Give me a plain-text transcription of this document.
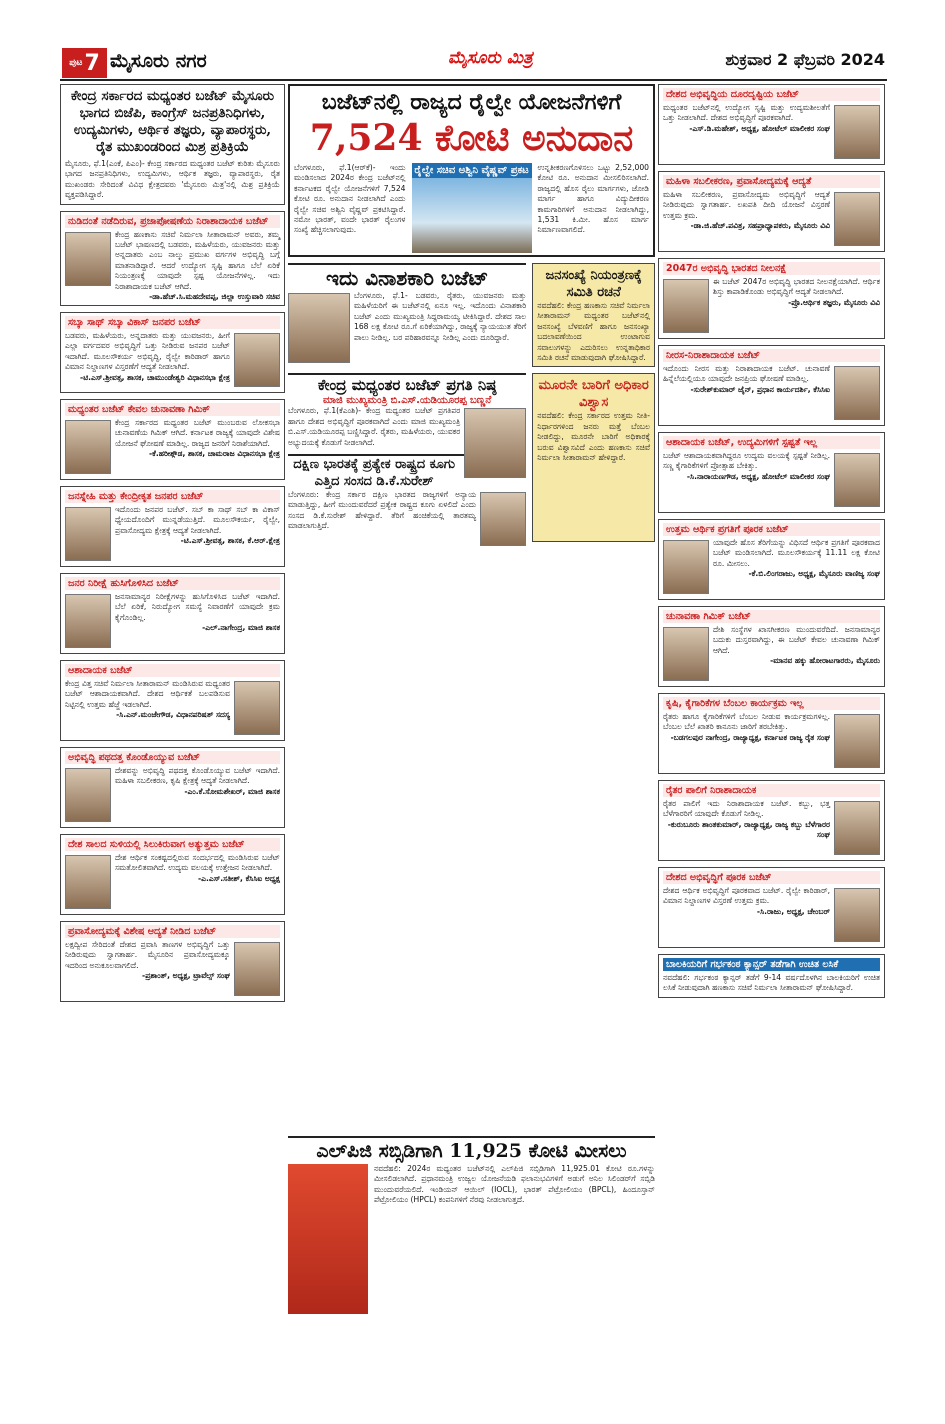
ಪುಟ 7 ಮೈಸೂರು ನಗರ	ಮೈಸೂರು ಮಿತ್ರ	ಶುಕ್ರವಾರ 2 ಫೆಬ್ರವರಿ 2024
ಕೇಂದ್ರ ಸರ್ಕಾರದ ಮಧ್ಯಂತರ ಬಜೆಟ್ ಮೈಸೂರು ಭಾಗದ ಬಿಜೆಪಿ, ಕಾಂಗ್ರೆಸ್ ಜನಪ್ರತಿನಿಧಿಗಳು, ಉದ್ಯಮಿಗಳು, ಆರ್ಥಿಕ ತಜ್ಞರು, ವ್ಯಾಪಾರಸ್ಥರು, ರೈತ ಮುಖಂಡರಿಂದ ಮಿಶ್ರ ಪ್ರತಿಕ್ರಿಯೆ
ಮೈಸೂರು, ಫೆ.1(ಎಂಕೆ, ಪಿಎಂ)- ಕೇಂದ್ರ ಸರ್ಕಾರದ ಮಧ್ಯಂತರ ಬಜೆಟ್ ಕುರಿತು ಮೈಸೂರು ಭಾಗದ ಜನಪ್ರತಿನಿಧಿಗಳು, ಉದ್ಯಮಿಗಳು, ಆರ್ಥಿಕ ತಜ್ಞರು, ವ್ಯಾಪಾರಸ್ಥರು, ರೈತ ಮುಖಂಡರು ಸೇರಿದಂತೆ ವಿವಿಧ ಕ್ಷೇತ್ರದವರು 'ಮೈಸೂರು ಮಿತ್ರ'ನಲ್ಲಿ ಮಿಶ್ರ ಪ್ರತಿಕ್ರಿಯೆ ವ್ಯಕ್ತಪಡಿಸಿದ್ದಾರೆ.
ನುಡಿದಂತೆ ನಡೆದಿರುವ, ಪ್ರಜಾಪೋಷಣೆಯ ನಿರಾಶಾದಾಯಕ ಬಜೆಟ್
ಕೇಂದ್ರ ಹಣಕಾಸು ಸಚಿವೆ ನಿರ್ಮಲಾ ಸೀತಾರಾಮನ್ ಅವರು, ತಮ್ಮ ಬಜೆಟ್ ಭಾಷಣದಲ್ಲಿ ಬಡವರು, ಮಹಿಳೆಯರು, ಯುವಜನರು ಮತ್ತು ಅನ್ನದಾತರು ಎಂಬ ನಾಲ್ಕು ಪ್ರಮುಖ ವರ್ಗಗಳ ಅಭಿವೃದ್ಧಿ ಬಗ್ಗೆ ಮಾತನಾಡಿದ್ದಾರೆ. ಆದರೆ ಉದ್ಯೋಗ ಸೃಷ್ಟಿ ಹಾಗೂ ಬೆಲೆ ಏರಿಕೆ ನಿಯಂತ್ರಣಕ್ಕೆ ಯಾವುದೇ ಸ್ಪಷ್ಟ ಯೋಜನೆಗಳಿಲ್ಲ. ಇದು ನಿರಾಶಾದಾಯಕ ಬಜೆಟ್ ಆಗಿದೆ.
-ಡಾ.ಹೆಚ್.ಸಿ.ಮಹದೇವಪ್ಪ, ಜಿಲ್ಲಾ ಉಸ್ತುವಾರಿ ಸಚಿವ
ಸಬ್ಕಾ ಸಾಥ್ ಸಬ್ಕಾ ವಿಕಾಸ್ ಜನಪರ ಬಜೆಟ್
ಬಡವರು, ಮಹಿಳೆಯರು, ಅನ್ನದಾತರು ಮತ್ತು ಯುವಜನರು, ಹೀಗೆ ಎಲ್ಲಾ ವರ್ಗದವರ ಅಭಿವೃದ್ಧಿಗೆ ಒತ್ತು ನೀಡಿರುವ ಜನಪರ ಬಜೆಟ್ ಇದಾಗಿದೆ. ಮೂಲಸೌಕರ್ಯ ಅಭಿವೃದ್ಧಿ, ರೈಲ್ವೇ ಕಾರಿಡಾರ್ ಹಾಗೂ ವಿಮಾನ ನಿಲ್ದಾಣಗಳ ವಿಸ್ತರಣೆಗೆ ಆದ್ಯತೆ ನೀಡಲಾಗಿದೆ.
-ಟಿ.ಎಸ್.ಶ್ರೀವತ್ಸ, ಶಾಸಕ, ಚಾಮುಂಡೇಶ್ವರಿ ವಿಧಾನಸಭಾ ಕ್ಷೇತ್ರ
ಮಧ್ಯಂತರ ಬಜೆಟ್ ಕೇವಲ ಚುನಾವಣಾ ಗಿಮಿಕ್
ಕೇಂದ್ರ ಸರ್ಕಾರದ ಮಧ್ಯಂತರ ಬಜೆಟ್ ಮುಂಬರುವ ಲೋಕಸಭಾ ಚುನಾವಣೆಯ ಗಿಮಿಕ್ ಆಗಿದೆ. ಕರ್ನಾಟಕ ರಾಜ್ಯಕ್ಕೆ ಯಾವುದೇ ವಿಶೇಷ ಯೋಜನೆ ಘೋಷಣೆ ಮಾಡಿಲ್ಲ. ರಾಜ್ಯದ ಜನರಿಗೆ ನಿರಾಶೆಯಾಗಿದೆ.
-ಕೆ.ಹರೀಶ್ಗೌಡ, ಶಾಸಕ, ಚಾಮರಾಜ ವಿಧಾನಸಭಾ ಕ್ಷೇತ್ರ
ಜನಸ್ನೇಹಿ ಮತ್ತು ಕೇಂದ್ರೀಕೃತ ಜನಪರ ಬಜೆಟ್
ಇದೊಂದು ಜನಪರ ಬಜೆಟ್. ಸಬ್ ಕಾ ಸಾಥ್ ಸಬ್ ಕಾ ವಿಕಾಸ್ ಧ್ಯೇಯದೊಂದಿಗೆ ಮುನ್ನಡೆಯುತ್ತಿದೆ. ಮೂಲಸೌಕರ್ಯ, ರೈಲ್ವೇ, ಪ್ರವಾಸೋದ್ಯಮ ಕ್ಷೇತ್ರಕ್ಕೆ ಆದ್ಯತೆ ನೀಡಲಾಗಿದೆ.
-ಟಿ.ಎಸ್.ಶ್ರೀವತ್ಸ, ಶಾಸಕ, ಕೆ.ಆರ್.ಕ್ಷೇತ್ರ
ಜನರ ನಿರೀಕ್ಷೆ ಹುಸಿಗೊಳಿಸಿದ ಬಜೆಟ್
ಜನಸಾಮಾನ್ಯರ ನಿರೀಕ್ಷೆಗಳನ್ನು ಹುಸಿಗೊಳಿಸಿದ ಬಜೆಟ್ ಇದಾಗಿದೆ. ಬೆಲೆ ಏರಿಕೆ, ನಿರುದ್ಯೋಗ ಸಮಸ್ಯೆ ನಿವಾರಣೆಗೆ ಯಾವುದೇ ಕ್ರಮ ಕೈಗೊಂಡಿಲ್ಲ.
-ಎಲ್.ನಾಗೇಂದ್ರ, ಮಾಜಿ ಶಾಸಕ
ಆಶಾದಾಯಕ ಬಜೆಟ್
ಕೇಂದ್ರ ವಿತ್ತ ಸಚಿವೆ ನಿರ್ಮಲಾ ಸೀತಾರಾಮನ್ ಮಂಡಿಸಿರುವ ಮಧ್ಯಂತರ ಬಜೆಟ್ ಆಶಾದಾಯಕವಾಗಿದೆ. ದೇಶದ ಆರ್ಥಿಕತೆ ಬಲಪಡಿಸುವ ನಿಟ್ಟಿನಲ್ಲಿ ಉತ್ತಮ ಹೆಜ್ಜೆ ಇಡಲಾಗಿದೆ.
-ಸಿ.ಎನ್.ಮಂಜೇಗೌಡ, ವಿಧಾನಪರಿಷತ್ ಸದಸ್ಯ
ಅಭಿವೃದ್ಧಿ ಪಥದತ್ತ ಕೊಂಡೊಯ್ಯುವ ಬಜೆಟ್
ದೇಶವನ್ನು ಅಭಿವೃದ್ಧಿ ಪಥದತ್ತ ಕೊಂಡೊಯ್ಯುವ ಬಜೆಟ್ ಇದಾಗಿದೆ. ಮಹಿಳಾ ಸಬಲೀಕರಣ, ಕೃಷಿ ಕ್ಷೇತ್ರಕ್ಕೆ ಆದ್ಯತೆ ನೀಡಲಾಗಿದೆ.
-ಎಂ.ಕೆ.ಸೋಮಶೇಖರ್, ಮಾಜಿ ಶಾಸಕ
ದೇಶ ಸಾಲದ ಸುಳಿಯಲ್ಲಿ ಸಿಲುಕಿರುವಾಗ ಅತ್ಯುತ್ತಮ ಬಜೆಟ್
ದೇಶ ಆರ್ಥಿಕ ಸಂಕಷ್ಟದಲ್ಲಿರುವ ಸಂದರ್ಭದಲ್ಲಿ ಮಂಡಿಸಿರುವ ಬಜೆಟ್ ಸಮತೋಲಿತವಾಗಿದೆ. ಉದ್ಯಮ ವಲಯಕ್ಕೆ ಉತ್ತೇಜನ ನೀಡಲಾಗಿದೆ.
-ಎ.ಎಸ್.ಸತೀಶ್, ಕೆಸಿಸಿಐ ಅಧ್ಯಕ್ಷ
ಪ್ರವಾಸೋದ್ಯಮಕ್ಕೆ ವಿಶೇಷ ಆದ್ಯತೆ ನೀಡಿದ ಬಜೆಟ್
ಲಕ್ಷದ್ವೀಪ ಸೇರಿದಂತೆ ದೇಶದ ಪ್ರವಾಸಿ ತಾಣಗಳ ಅಭಿವೃದ್ಧಿಗೆ ಒತ್ತು ನೀಡಿರುವುದು ಸ್ವಾಗತಾರ್ಹ. ಮೈಸೂರಿನ ಪ್ರವಾಸೋದ್ಯಮಕ್ಕೂ ಇದರಿಂದ ಅನುಕೂಲವಾಗಲಿದೆ.
-ಪ್ರಶಾಂತ್, ಅಧ್ಯಕ್ಷ, ಟ್ರಾವೆಲ್ಸ್ ಸಂಘ
ಬಜೆಟ್‌ನಲ್ಲಿ ರಾಜ್ಯದ ರೈಲ್ವೇ ಯೋಜನೆಗಳಿಗೆ
7,524 ಕೋಟಿ ಅನುದಾನ
ಬೆಂಗಳೂರು, ಫೆ.1(ಆರ್‌ಕೆ)- ಇಂದು ಮಂಡಿಸಲಾದ 2024ರ ಕೇಂದ್ರ ಬಜೆಟ್‌ನಲ್ಲಿ ಕರ್ನಾಟಕದ ರೈಲ್ವೇ ಯೋಜನೆಗಳಿಗೆ 7,524 ಕೋಟಿ ರೂ. ಅನುದಾನ ನೀಡಲಾಗಿದೆ ಎಂದು ರೈಲ್ವೇ ಸಚಿವ ಅಶ್ವಿನಿ ವೈಷ್ಣವ್ ಪ್ರಕಟಿಸಿದ್ದಾರೆ. ನಮೋ ಭಾರತ್, ವಂದೇ ಭಾರತ್ ರೈಲುಗಳ ಸಂಖ್ಯೆ ಹೆಚ್ಚಿಸಲಾಗುವುದು.
ರೈಲ್ವೇ ಸಚಿವ ಅಶ್ವಿನಿ ವೈಷ್ಣವ್ ಪ್ರಕಟ	ಉನ್ನತೀಕರಣಗೊಳಿಸಲು ಒಟ್ಟು 2,52,000 ಕೋಟಿ ರೂ. ಅನುದಾನ ಮೀಸಲಿರಿಸಲಾಗಿದೆ. ರಾಜ್ಯದಲ್ಲಿ ಹೊಸ ರೈಲು ಮಾರ್ಗಗಳು, ಜೋಡಿ ಮಾರ್ಗ ಹಾಗೂ ವಿದ್ಯುದೀಕರಣ ಕಾಮಗಾರಿಗಳಿಗೆ ಅನುದಾನ ನೀಡಲಾಗಿದ್ದು, 1,531 ಕಿ.ಮೀ. ಹೊಸ ಮಾರ್ಗ ನಿರ್ಮಾಣವಾಗಲಿದೆ.
ಇದು ವಿನಾಶಕಾರಿ ಬಜೆಟ್
ಬೆಂಗಳೂರು, ಫೆ.1- ಬಡವರು, ರೈತರು, ಯುವಜನರು ಮತ್ತು ಮಹಿಳೆಯರಿಗೆ ಈ ಬಜೆಟ್‌ನಲ್ಲಿ ಏನೂ ಇಲ್ಲ. ಇದೊಂದು ವಿನಾಶಕಾರಿ ಬಜೆಟ್ ಎಂದು ಮುಖ್ಯಮಂತ್ರಿ ಸಿದ್ದರಾಮಯ್ಯ ಟೀಕಿಸಿದ್ದಾರೆ. ದೇಶದ ಸಾಲ 168 ಲಕ್ಷ ಕೋಟಿ ರೂ.ಗೆ ಏರಿಕೆಯಾಗಿದ್ದು, ರಾಜ್ಯಕ್ಕೆ ನ್ಯಾಯಯುತ ತೆರಿಗೆ ಪಾಲು ನೀಡಿಲ್ಲ. ಬರ ಪರಿಹಾರವನ್ನೂ ನೀಡಿಲ್ಲ ಎಂದು ದೂರಿದ್ದಾರೆ.
ಜನಸಂಖ್ಯೆ ನಿಯಂತ್ರಣಕ್ಕೆ ಸಮಿತಿ ರಚನೆ
ನವದೆಹಲಿ: ಕೇಂದ್ರ ಹಣಕಾಸು ಸಚಿವೆ ನಿರ್ಮಲಾ ಸೀತಾರಾಮನ್ ಮಧ್ಯಂತರ ಬಜೆಟ್‌ನಲ್ಲಿ ಜನಸಂಖ್ಯೆ ಬೆಳವಣಿಗೆ ಹಾಗೂ ಜನಸಂಖ್ಯಾ ಬದಲಾವಣೆಯಿಂದ ಉಂಟಾಗುವ ಸವಾಲುಗಳನ್ನು ಎದುರಿಸಲು ಉನ್ನತಾಧಿಕಾರ ಸಮಿತಿ ರಚನೆ ಮಾಡುವುದಾಗಿ ಘೋಷಿಸಿದ್ದಾರೆ.
ಕೇಂದ್ರ ಮಧ್ಯಂತರ ಬಜೆಟ್ ಪ್ರಗತಿ ನಿಷ್ಠ
ಮಾಜಿ ಮುಖ್ಯಮಂತ್ರಿ ಬಿ.ಎಸ್.ಯಡಿಯೂರಪ್ಪ ಬಣ್ಣನೆ
ಬೆಂಗಳೂರು, ಫೆ.1(ಕೆಎಂಶಿ)- ಕೇಂದ್ರ ಮಧ್ಯಂತರ ಬಜೆಟ್ ಪ್ರಗತಿಪರ ಹಾಗೂ ದೇಶದ ಅಭಿವೃದ್ಧಿಗೆ ಪೂರಕವಾಗಿದೆ ಎಂದು ಮಾಜಿ ಮುಖ್ಯಮಂತ್ರಿ ಬಿ.ಎಸ್.ಯಡಿಯೂರಪ್ಪ ಬಣ್ಣಿಸಿದ್ದಾರೆ. ರೈತರು, ಮಹಿಳೆಯರು, ಯುವಕರ ಅಭ್ಯುದಯಕ್ಕೆ ಕೊಡುಗೆ ನೀಡಲಾಗಿದೆ.
ದಕ್ಷಿಣ ಭಾರತಕ್ಕೆ ಪ್ರತ್ಯೇಕ ರಾಷ್ಟ್ರದ ಕೂಗು ಎತ್ತಿದ ಸಂಸದ ಡಿ.ಕೆ.ಸುರೇಶ್
ಬೆಂಗಳೂರು: ಕೇಂದ್ರ ಸರ್ಕಾರ ದಕ್ಷಿಣ ಭಾರತದ ರಾಜ್ಯಗಳಿಗೆ ಅನ್ಯಾಯ ಮಾಡುತ್ತಿದ್ದು, ಹೀಗೆ ಮುಂದುವರೆದರೆ ಪ್ರತ್ಯೇಕ ರಾಷ್ಟ್ರದ ಕೂಗು ಏಳಲಿದೆ ಎಂದು ಸಂಸದ ಡಿ.ಕೆ.ಸುರೇಶ್ ಹೇಳಿದ್ದಾರೆ. ತೆರಿಗೆ ಹಂಚಿಕೆಯಲ್ಲಿ ತಾರತಮ್ಯ ಮಾಡಲಾಗುತ್ತಿದೆ.
ಮೂರನೇ ಬಾರಿಗೆ ಅಧಿಕಾರ ವಿಶ್ವಾಸ
ನವದೆಹಲಿ: ಕೇಂದ್ರ ಸರ್ಕಾರದ ಉತ್ತಮ ನೀತಿ-ನಿರ್ಧಾರಗಳಿಂದ ಜನರು ಮತ್ತೆ ಬೆಂಬಲ ನೀಡಲಿದ್ದು, ಮೂರನೇ ಬಾರಿಗೆ ಅಧಿಕಾರಕ್ಕೆ ಬರುವ ವಿಶ್ವಾಸವಿದೆ ಎಂದು ಹಣಕಾಸು ಸಚಿವೆ ನಿರ್ಮಲಾ ಸೀತಾರಾಮನ್ ಹೇಳಿದ್ದಾರೆ.
ಎಲ್‌ಪಿಜಿ ಸಬ್ಸಿಡಿಗಾಗಿ 11,925 ಕೋಟಿ ಮೀಸಲು
ನವದೆಹಲಿ: 2024ರ ಮಧ್ಯಂತರ ಬಜೆಟ್‌ನಲ್ಲಿ ಎಲ್‌ಪಿಜಿ ಸಬ್ಸಿಡಿಗಾಗಿ 11,925.01 ಕೋಟಿ ರೂ.ಗಳನ್ನು ಮೀಸಲಿಡಲಾಗಿದೆ. ಪ್ರಧಾನಮಂತ್ರಿ ಉಜ್ವಲ ಯೋಜನೆಯಡಿ ಫಲಾನುಭವಿಗಳಿಗೆ ಅಡುಗೆ ಅನಿಲ ಸಿಲಿಂಡರ್‌ಗೆ ಸಬ್ಸಿಡಿ ಮುಂದುವರೆಯಲಿದೆ. ಇಂಡಿಯನ್ ಆಯಿಲ್ (IOCL), ಭಾರತ್ ಪೆಟ್ರೋಲಿಯಂ (BPCL), ಹಿಂದೂಸ್ತಾನ್ ಪೆಟ್ರೋಲಿಯಂ (HPCL) ಕಂಪನಿಗಳಿಗೆ ನೆರವು ನೀಡಲಾಗುತ್ತದೆ.
ದೇಶದ ಅಭಿವೃದ್ಧಿಯ ದೂರದೃಷ್ಟಿಯ ಬಜೆಟ್
ಮಧ್ಯಂತರ ಬಜೆಟ್‌ನಲ್ಲಿ ಉದ್ಯೋಗ ಸೃಷ್ಟಿ ಮತ್ತು ಉದ್ಯಮಶೀಲತೆಗೆ ಒತ್ತು ನೀಡಲಾಗಿದೆ. ದೇಶದ ಅಭಿವೃದ್ಧಿಗೆ ಪೂರಕವಾಗಿದೆ.
-ಎಸ್.ಡಿ.ಮಹೇಶ್, ಅಧ್ಯಕ್ಷ, ಹೋಟೆಲ್ ಮಾಲೀಕರ ಸಂಘ
ಮಹಿಳಾ ಸಬಲೀಕರಣ, ಪ್ರವಾಸೋದ್ಯಮಕ್ಕೆ ಆದ್ಯತೆ
ಮಹಿಳಾ ಸಬಲೀಕರಣ, ಪ್ರವಾಸೋದ್ಯಮ ಅಭಿವೃದ್ಧಿಗೆ ಆದ್ಯತೆ ನೀಡಿರುವುದು ಸ್ವಾಗತಾರ್ಹ. ಲಖಪತಿ ದೀದಿ ಯೋಜನೆ ವಿಸ್ತರಣೆ ಉತ್ತಮ ಕ್ರಮ.
-ಡಾ.ಜಿ.ಹೆಚ್.ಪವಿತ್ರ, ಸಹಪ್ರಾಧ್ಯಾಪಕರು, ಮೈಸೂರು ವಿವಿ
2047ರ ಅಭಿವೃದ್ಧಿ ಭಾರತದ ನೀಲನಕ್ಷೆ
ಈ ಬಜೆಟ್ 2047ರ ಅಭಿವೃದ್ಧಿ ಭಾರತದ ನೀಲನಕ್ಷೆಯಾಗಿದೆ. ಆರ್ಥಿಕ ಶಿಸ್ತು ಕಾಪಾಡಿಕೊಂಡು ಅಭಿವೃದ್ಧಿಗೆ ಆದ್ಯತೆ ನೀಡಲಾಗಿದೆ.
-ಪ್ರೊ.ಆರ್ಥಿಕ ತಜ್ಞರು, ಮೈಸೂರು ವಿವಿ
ನೀರಸ-ನಿರಾಶಾದಾಯಕ ಬಜೆಟ್
ಇದೊಂದು ನೀರಸ ಮತ್ತು ನಿರಾಶಾದಾಯಕ ಬಜೆಟ್. ಚುನಾವಣೆ ಹಿನ್ನೆಲೆಯಲ್ಲಿಯೂ ಯಾವುದೇ ಜನಪ್ರಿಯ ಘೋಷಣೆ ಮಾಡಿಲ್ಲ.
-ಸುರೇಶ್‌ಕುಮಾರ್ ಜೈನ್, ಪ್ರಧಾನ ಕಾರ್ಯದರ್ಶಿ, ಕೆಸಿಸಿಐ
ಆಶಾದಾಯಕ ಬಜೆಟ್, ಉದ್ಯಮಿಗಳಿಗೆ ಸ್ಪಷ್ಟತೆ ಇಲ್ಲ
ಬಜೆಟ್ ಆಶಾದಾಯಕವಾಗಿದ್ದರೂ ಉದ್ಯಮ ವಲಯಕ್ಕೆ ಸ್ಪಷ್ಟತೆ ನೀಡಿಲ್ಲ. ಸಣ್ಣ ಕೈಗಾರಿಕೆಗಳಿಗೆ ಪ್ರೋತ್ಸಾಹ ಬೇಕಿತ್ತು.
-ಸಿ.ನಾರಾಯಣಗೌಡ, ಅಧ್ಯಕ್ಷ, ಹೋಟೆಲ್ ಮಾಲೀಕರ ಸಂಘ
ಉತ್ತಮ ಆರ್ಥಿಕ ಪ್ರಗತಿಗೆ ಪೂರಕ ಬಜೆಟ್
ಯಾವುದೇ ಹೊಸ ತೆರಿಗೆಯನ್ನು ವಿಧಿಸದೆ ಆರ್ಥಿಕ ಪ್ರಗತಿಗೆ ಪೂರಕವಾದ ಬಜೆಟ್ ಮಂಡಿಸಲಾಗಿದೆ. ಮೂಲಸೌಕರ್ಯಕ್ಕೆ 11.11 ಲಕ್ಷ ಕೋಟಿ ರೂ. ಮೀಸಲು.
-ಕೆ.ಬಿ.ಲಿಂಗರಾಜು, ಅಧ್ಯಕ್ಷ, ಮೈಸೂರು ವಾಣಿಜ್ಯ ಸಂಘ
ಚುನಾವಣಾ ಗಿಮಿಕ್ ಬಜೆಟ್
ದೇಶಿ ಸಂಸ್ಥೆಗಳ ಖಾಸಗೀಕರಣ ಮುಂದುವರೆದಿದೆ. ಜನಸಾಮಾನ್ಯರ ಬದುಕು ದುಸ್ತರವಾಗಿದ್ದು, ಈ ಬಜೆಟ್ ಕೇವಲ ಚುನಾವಣಾ ಗಿಮಿಕ್ ಆಗಿದೆ.
-ಮಾನವ ಹಕ್ಕು ಹೋರಾಟಗಾರರು, ಮೈಸೂರು
ಕೃಷಿ, ಕೈಗಾರಿಕೆಗಳ ಬೆಂಬಲ ಕಾರ್ಯಕ್ರಮ ಇಲ್ಲ
ರೈತರು ಹಾಗೂ ಕೈಗಾರಿಕೆಗಳಿಗೆ ಬೆಂಬಲ ನೀಡುವ ಕಾರ್ಯಕ್ರಮಗಳಿಲ್ಲ. ಬೆಂಬಲ ಬೆಲೆ ಖಾತರಿ ಕಾನೂನು ಜಾರಿಗೆ ತರಬೇಕಿತ್ತು.
-ಬಡಗಲಪುರ ನಾಗೇಂದ್ರ, ರಾಜ್ಯಾಧ್ಯಕ್ಷ, ಕರ್ನಾಟಕ ರಾಜ್ಯ ರೈತ ಸಂಘ
ರೈತರ ಪಾಲಿಗೆ ನಿರಾಶಾದಾಯಕ
ರೈತರ ಪಾಲಿಗೆ ಇದು ನಿರಾಶಾದಾಯಕ ಬಜೆಟ್. ಕಬ್ಬು, ಭತ್ತ ಬೆಳೆಗಾರರಿಗೆ ಯಾವುದೇ ಕೊಡುಗೆ ನೀಡಿಲ್ಲ.
-ಕುರುಬೂರು ಶಾಂತಕುಮಾರ್, ರಾಜ್ಯಾಧ್ಯಕ್ಷ, ರಾಜ್ಯ ಕಬ್ಬು ಬೆಳೆಗಾರರ ಸಂಘ
ದೇಶದ ಅಭಿವೃದ್ಧಿಗೆ ಪೂರಕ ಬಜೆಟ್
ದೇಶದ ಆರ್ಥಿಕ ಅಭಿವೃದ್ಧಿಗೆ ಪೂರಕವಾದ ಬಜೆಟ್. ರೈಲ್ವೇ ಕಾರಿಡಾರ್, ವಿಮಾನ ನಿಲ್ದಾಣಗಳ ವಿಸ್ತರಣೆ ಉತ್ತಮ ಕ್ರಮ.
-ಸಿ.ರಾಜು, ಅಧ್ಯಕ್ಷ, ಚೇಂಬರ್
ಬಾಲಕಿಯರಿಗೆ ಗರ್ಭಕಂಠ ಕ್ಯಾನ್ಸರ್ ತಡೆಗಾಗಿ ಉಚಿತ ಲಸಿಕೆ
ನವದೆಹಲಿ: ಗರ್ಭಕಂಠ ಕ್ಯಾನ್ಸರ್ ತಡೆಗೆ 9-14 ವರ್ಷದೊಳಗಿನ ಬಾಲಕಿಯರಿಗೆ ಉಚಿತ ಲಸಿಕೆ ನೀಡುವುದಾಗಿ ಹಣಕಾಸು ಸಚಿವೆ ನಿರ್ಮಲಾ ಸೀತಾರಾಮನ್ ಘೋಷಿಸಿದ್ದಾರೆ.
